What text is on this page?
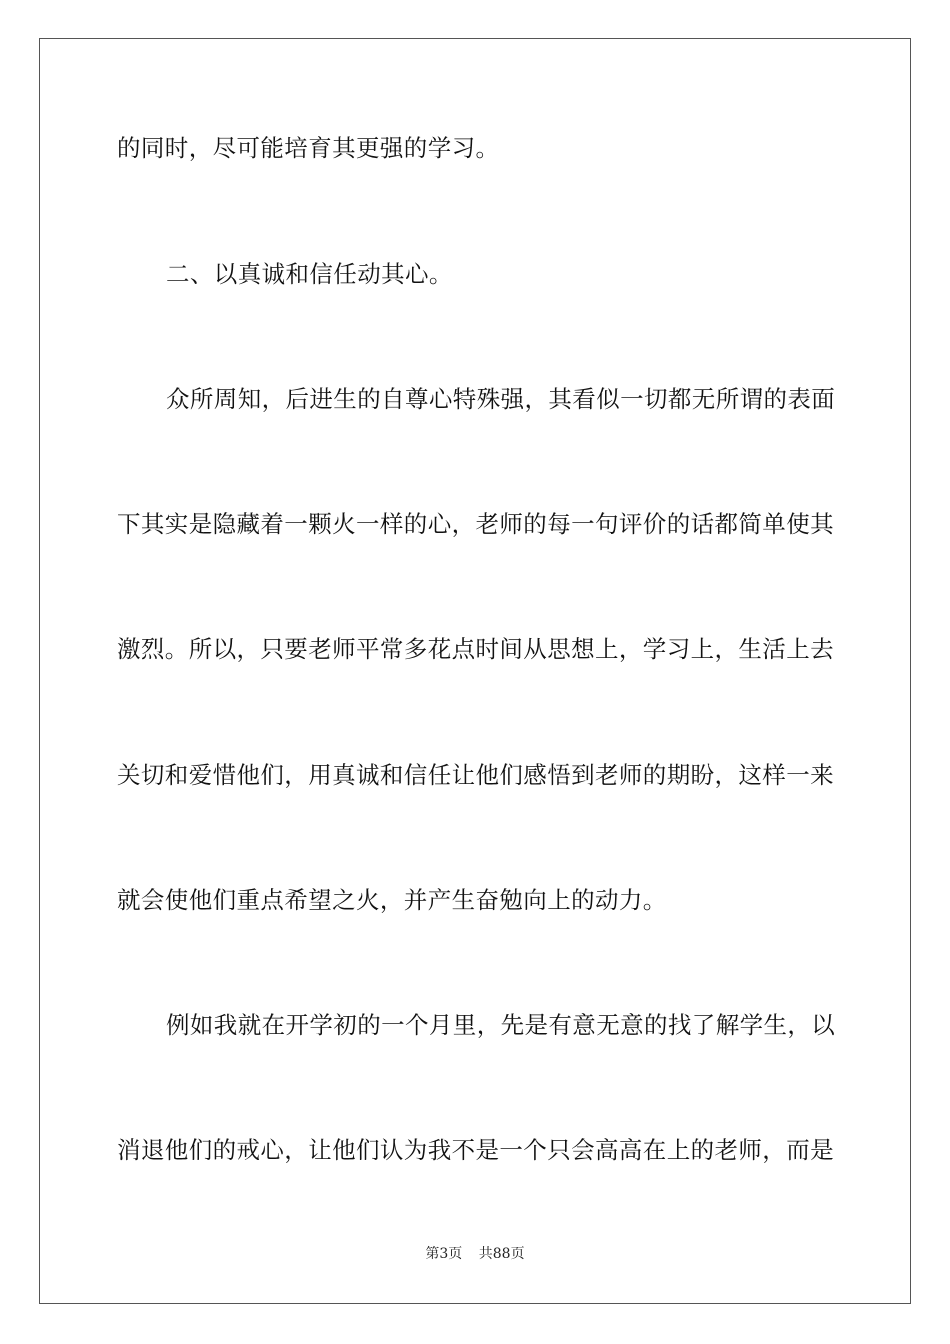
的同时，尽可能培育其更强的学习。
二、以真诚和信任动其心。
众所周知，后进生的自尊心特殊强，其看似一切都无所谓的表面
下其实是隐藏着一颗火一样的心，老师的每一句评价的话都简单使其
激烈。所以，只要老师平常多花点时间从思想上，学习上，生活上去
关切和爱惜他们，用真诚和信任让他们感悟到老师的期盼，这样一来
就会使他们重点希望之火，并产生奋勉向上的动力。
例如我就在开学初的一个月里，先是有意无意的找了解学生，以
消退他们的戒心，让他们认为我不是一个只会高高在上的老师，而是
第3页 共88页
